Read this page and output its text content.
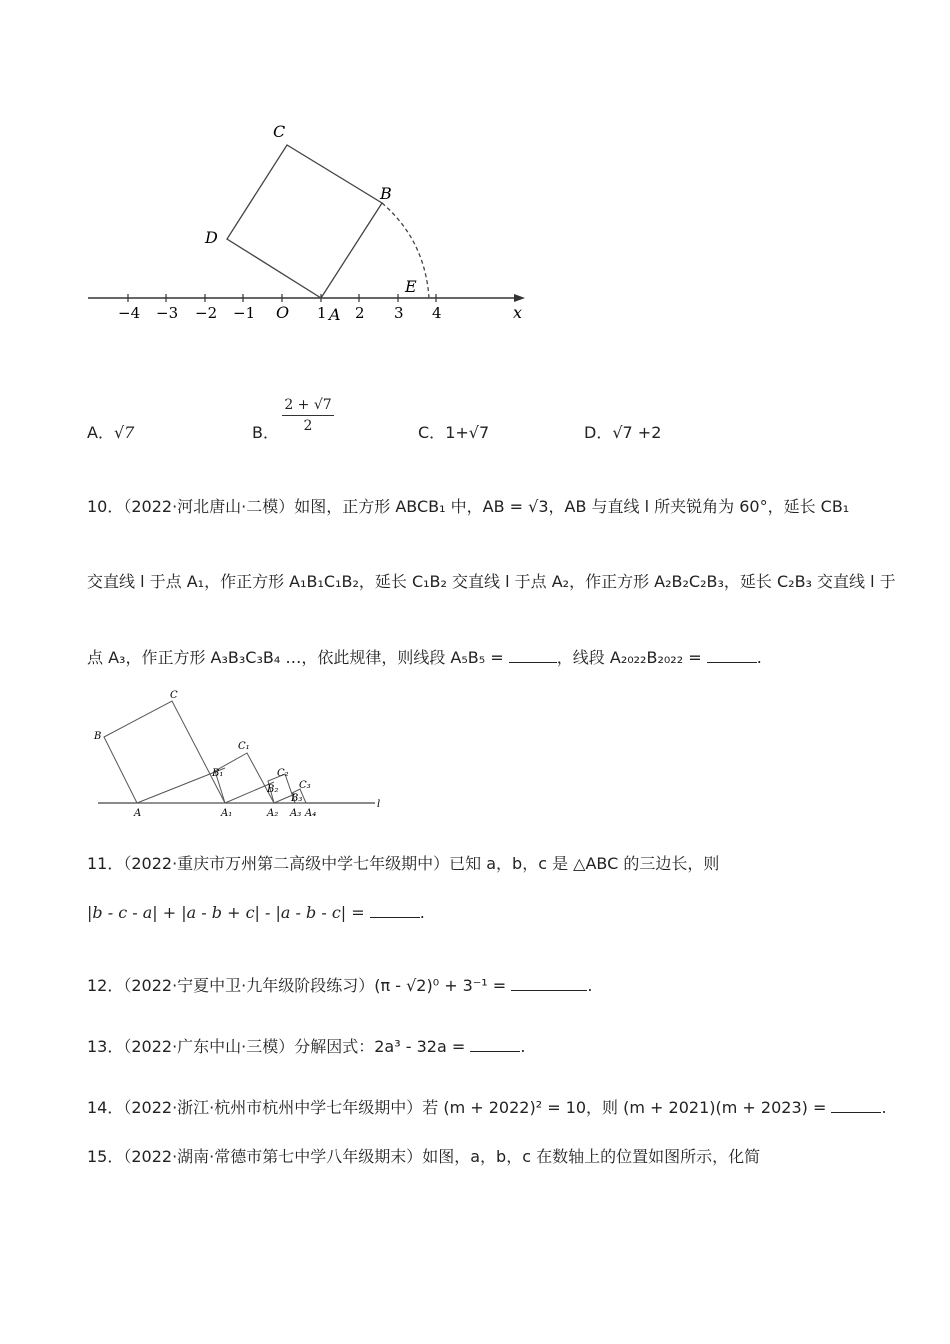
C
B
D
E
O A	x
−4 −3 −2 −1	1 2 3 4
A．√7	B． $\frac{2 + √7}{2}$	C．1+√7	D．√7 +2
10．（2022·河北唐山·二模）如图，正方形 ABCB₁ 中，AB = √3，AB 与直线 l 所夹锐角为 60°，延长 CB₁
交直线 l 于点 A₁，作正方形 A₁B₁C₁B₂，延长 C₁B₂ 交直线 l 于点 A₂，作正方形 A₂B₂C₂B₃，延长 C₂B₃ 交直线 l 于
点 A₃，作正方形 A₃B₃C₃B₄ …，依此规律，则线段 A₅B₅ =	，线段 A₂₀₂₂B₂₀₂₂ =	.
C
B
C₁
B₁	C₂
B₂ C₃
B₃
A	A₁	A₂ A₃ A₄
l
11．（2022·重庆市万州第二高级中学七年级期中）已知 a，b，c 是 △ABC 的三边长，则
|b - c - a| + |a - b + c| - |a - b - c| =	.
12．（2022·宁夏中卫·九年级阶段练习）(π - √2)⁰ + 3⁻¹ =	.
13．（2022·广东中山·三模）分解因式：2a³ - 32a =	.
14．（2022·浙江·杭州市杭州中学七年级期中）若 (m + 2022)² = 10，则 (m + 2021)(m + 2023) =	.
15．（2022·湖南·常德市第七中学八年级期末）如图，a，b，c 在数轴上的位置如图所示，化简
